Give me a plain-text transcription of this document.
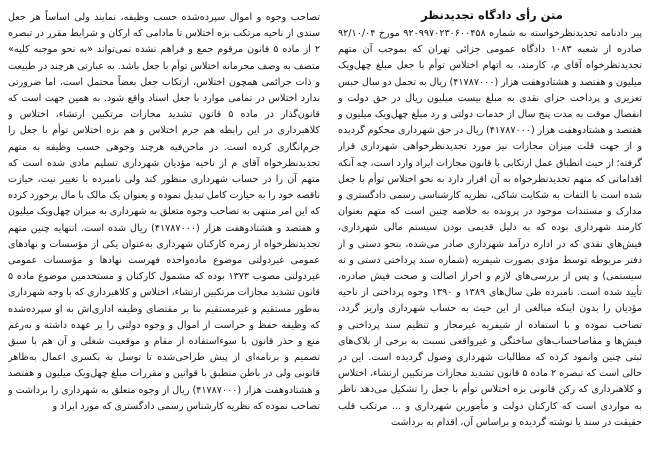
متن رأی دادگاه تجدیدنظر

پیر دادنامه تجدیدنظرخواسته به شماره ۹۲۰۹۹۷۰۲۳۰۶۰۰۴۵۸ مورخ ۹۲/۱۰/۰۴ صادره از شعبه ۱۰۸۳ دادگاه عمومی جزائی تهران که بموجب آن متهم تجدیدنظرخواه آقای م، کارمند، به اتهام اختلاس توأم با جعل مبلغ چهل‌ویک میلیون و هفتصد و هشتادوهفت هزار (۴۱۷۸۷۰۰۰) ریال به تحمل دو سال حبس تعزیری و پرداخت جزای نقدی به مبلغ بیست میلیون ریال در حق دولت و انفصال موقت به مدت پنج سال از خدمات دولتی و رد مبلغ چهل‌ویک میلیون و هفتصد و هشتادوهفت هزار (۴۱۷۸۷۰۰۰) ریال در حق شهرداری محکوم گردیده و از جهت قلت میزان مجازات نیز مورد تجدیدنظرخواهی شهرداری قرار گرفته؛ از حیث انطباق عمل ارتکابی با قانون مجازات ایراد وارد است، چه آنکه اقداماتی که متهم تجدیدنظرخواه به آن اقرار دارد به نحو اختلاس توأم با جعل شده است با التفات به شکایت شاکی، نظریه کارشناسی رسمی دادگستری و مدارک و مستندات موجود در پرونده به خلاصه چنین است که متهم بعنوان کارمند شهرداری بوده که به دلیل قدیمی بودن سیستم مالی شهرداری، فیش‌های نقدی که در اداره درآمد شهرداری صادر می‌شده، بنحو دستی و از دفتر مربوطه توسط مؤدی بصورت شیفریه (شماره سند پرداختی دستی و نه سیستمی) و پس از بررسی‌های لازم و احراز اصالت و صحت فیش صادره، تأیید شده است. نامبرده طی سال‌های ۱۳۸۹ و ۱۳۹۰ وجوه پرداختی از ناحیه مؤدیان را بدون اینکه مبالغی از این حیث به حساب شهرداری واریز گردد، تصاحب نموده و با استفاده از شیفریه غیرمجاز و تنظیم سند پرداختی و فیش‌ها و مفاصاحساب‌های ساختگی و غیرواقعی نسبت به برخی از بلاک‌های ثبتی چنین وانمود کرده که مطالبات شهرداری وصول گردیده است. این در حالی است که تبصره ۲ ماده ۵ قانون تشدید مجازات مرتکبین ارتشاء، اختلاس و کلاهبرداری که رکن قانونی بزه اختلاس توأم با جعل را تشکیل می‌دهد ناظر به مواردی است که کارکنان دولت و مأمورین شهرداری و ... مرتکب قلب حقیقت در سند یا نوشته گردیده و براساس آن، اقدام به برداشت

تصاحب وجوه و اموال سپرده‌شده حسب وظیفه، نمایند ولی اساساً هر جعل سندی از ناحیه مرتکب بزه اختلاس تا مادامی که ارکان و شرایط مقرر در تبصره ۲ از ماده ۵ قانون مرقوم جمع و فراهم نشده نمی‌تواند «به نحو موجبه کلیه» متصف به وصف مجرمانه اختلاس توأم با جعل باشد. به عبارتی هرچند در طبیعت و ذات جرائمی همچون اختلاس، ارتکاب جعل بعضاً محتمل است، اما ضرورتی ندارد اختلاس در تمامی موارد با جعل اسناد واقع شود. به همین جهت است که قانون‌گذار در ماده ۵ قانون تشدید مجازات مرتکبین ارتشاء، اختلاس و کلاهبرداری در این رابطه هم جرم اختلاس و هم بزه اختلاس توأم با جعل را جرم‌انگاری کرده است. در ماحن‌فیه هرچند وجوهی حسب وظیفه به متهم تجدیدنظرخواه آقای م از ناحیه مؤدیان شهرداری تسلیم مادی شده است که متهم آن را در حساب شهرداری منظور کند ولی نامبرده با تغییر نیت، حیازت ناقصه خود را به حیازت کامل تبدیل نموده و بعنوان یک مالک با مال برخورد کرده که این امر منتهی به تصاحب وجوه متعلق به شهرداری به میزان چهل‌ویک میلیون و هفتصد و هشتادوهفت هزار (۴۱۷۸۷۰۰۰) ریال شده است. انتهایه چنین متهم تجدیدنظرخواه از زمره کارکنان شهرداری به‌عنوان یکی از مؤسسات و نهادهای عمومی غیردولتی موضوع ماده‌واحده فهرست نهادها و مؤسسات عمومی غیردولتی مصوب ۱۳۷۳ بوده که مشمول کارکنان و مستخدمین موضوع ماده ۵ قانون تشدید مجازات مرتکبین ارتشاء، اختلاس و کلاهبرداری که با وجه شهرداری به‌طور مستقیم و غیرمستقیم بنا بر مقتضای وظیفه اداری‌اش به او سپرده‌شده که وظیفه حفظ و حراست از اموال و وجوه دولتی را بر عهده داشته و به‌رغم منع و حذر قانون با سوءاستفاده از مقام و موقعیت شغلی و آن هم با سبق تصمیم و برنامه‌ای از پیش طراحی‌شده تا توسل به بکسری اعمال به‌ظاهر قانونی ولی در باطن منطبق با قوانین و مقررات مبلغ چهل‌ویک میلیون و هفتصد و هشتادوهفت هزار (۴۱۷۸۷۰۰۰) ریال از وجوه متعلق به شهرداری را برداشت و تصاحب نموده که نظریه کارشناس رسمی دادگستری که مورد ایراد و
